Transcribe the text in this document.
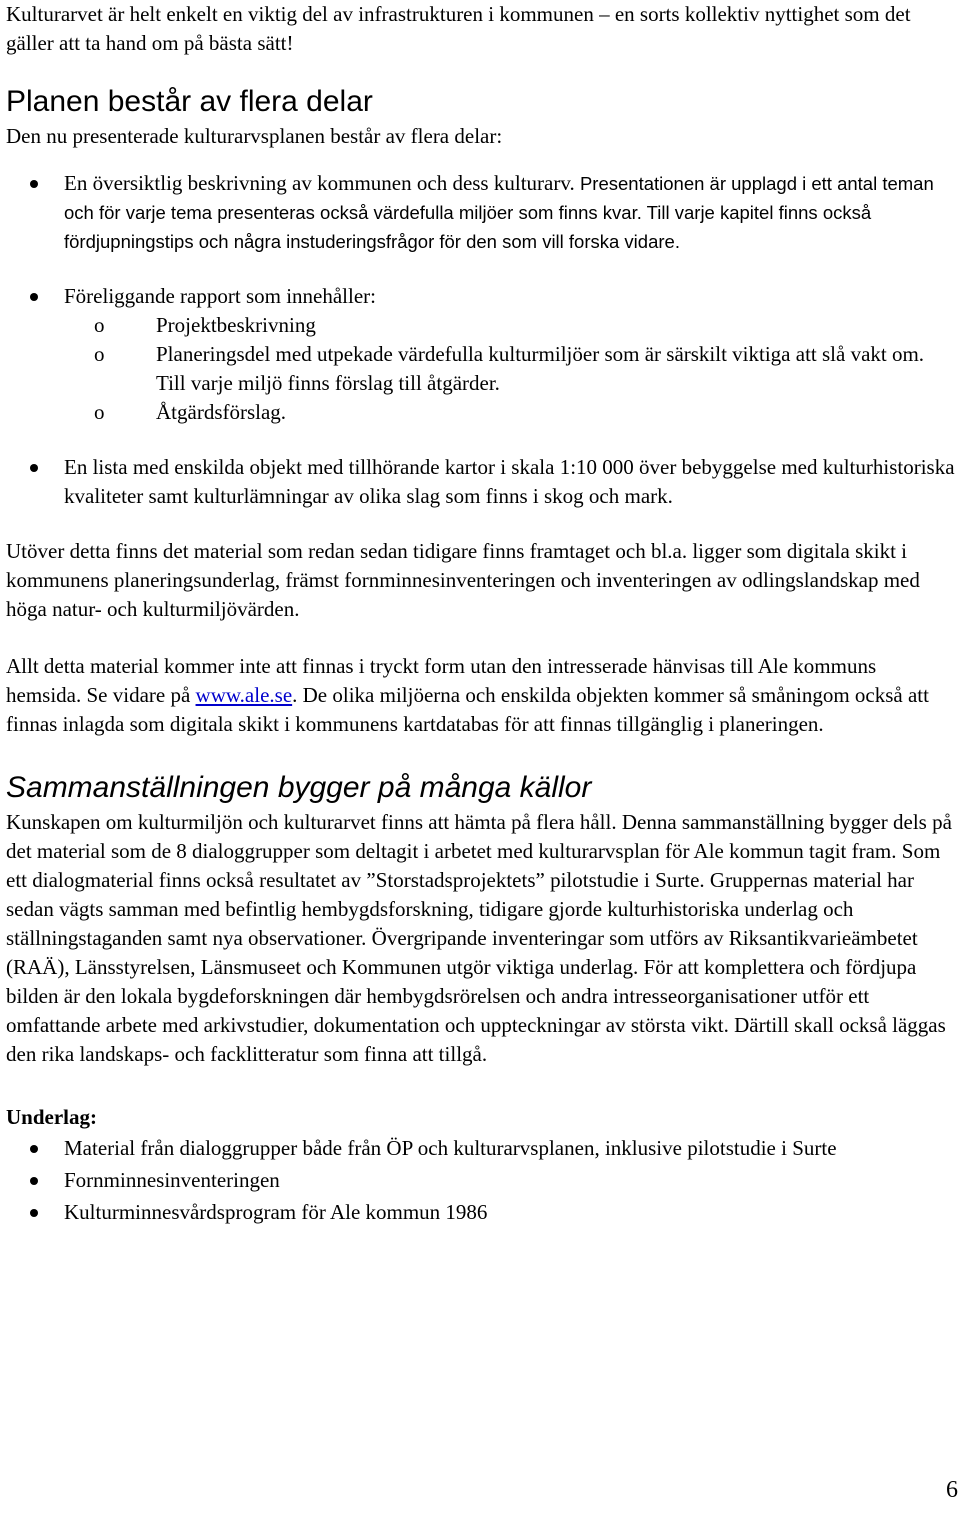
Kulturarvet är helt enkelt en viktig del av infrastrukturen i kommunen – en sorts kollektiv nyttighet som det gäller att ta hand om på bästa sätt!

Planen består av flera delar

Den nu presenterade kulturarvsplanen består av flera delar:

En översiktlig beskrivning av kommunen och dess kulturarv. Presentationen är upplagd i ett antal teman och för varje tema presenteras också värdefulla miljöer som finns kvar. Till varje kapitel finns också fördjupningstips och några instuderingsfrågor för den som vill forska vidare.
Föreliggande rapport som innehåller:
o Projektbeskrivning
o Planeringsdel med utpekade värdefulla kulturmiljöer som är särskilt viktiga att slå vakt om. Till varje miljö finns förslag till åtgärder.
o Åtgärdsförslag.
En lista med enskilda objekt med tillhörande kartor i skala 1:10 000 över bebyggelse med kulturhistoriska kvaliteter samt kulturlämningar av olika slag som finns i skog och mark.

Utöver detta finns det material som redan sedan tidigare finns framtaget och bl.a. ligger som digitala skikt i kommunens planeringsunderlag, främst fornminnesinventeringen och inventeringen av odlingslandskap med höga natur- och kulturmiljövärden.

Allt detta material kommer inte att finnas i tryckt form utan den intresserade hänvisas till Ale kommuns hemsida. Se vidare på www.ale.se. De olika miljöerna och enskilda objekten kommer så småningom också att finnas inlagda som digitala skikt i kommunens kartdatabas för att finnas tillgänglig i planeringen.

Sammanställningen bygger på många källor

Kunskapen om kulturmiljön och kulturarvet finns att hämta på flera håll. Denna sammanställning bygger dels på det material som de 8 dialoggrupper som deltagit i arbetet med kulturarvsplan för Ale kommun tagit fram. Som ett dialogmaterial finns också resultatet av ”Storstadsprojektets” pilotstudie i Surte. Gruppernas material har sedan vägts samman med befintlig hembygdsforskning, tidigare gjorde kulturhistoriska underlag och ställningstaganden samt nya observationer. Övergripande inventeringar som utförs av Riksantikvarieämbetet (RAÄ), Länsstyrelsen, Länsmuseet och Kommunen utgör viktiga underlag. För att komplettera och fördjupa bilden är den lokala bygdeforskningen där hembygdsrörelsen och andra intresseorganisationer utför ett omfattande arbete med arkivstudier, dokumentation och uppteckningar av största vikt. Därtill skall också läggas den rika landskaps- och facklitteratur som finna att tillgå.

Underlag:

Material från dialoggrupper både från ÖP och kulturarvsplanen, inklusive pilotstudie i Surte
Fornminnesinventeringen
Kulturminnesvårdsprogram för Ale kommun 1986
6
